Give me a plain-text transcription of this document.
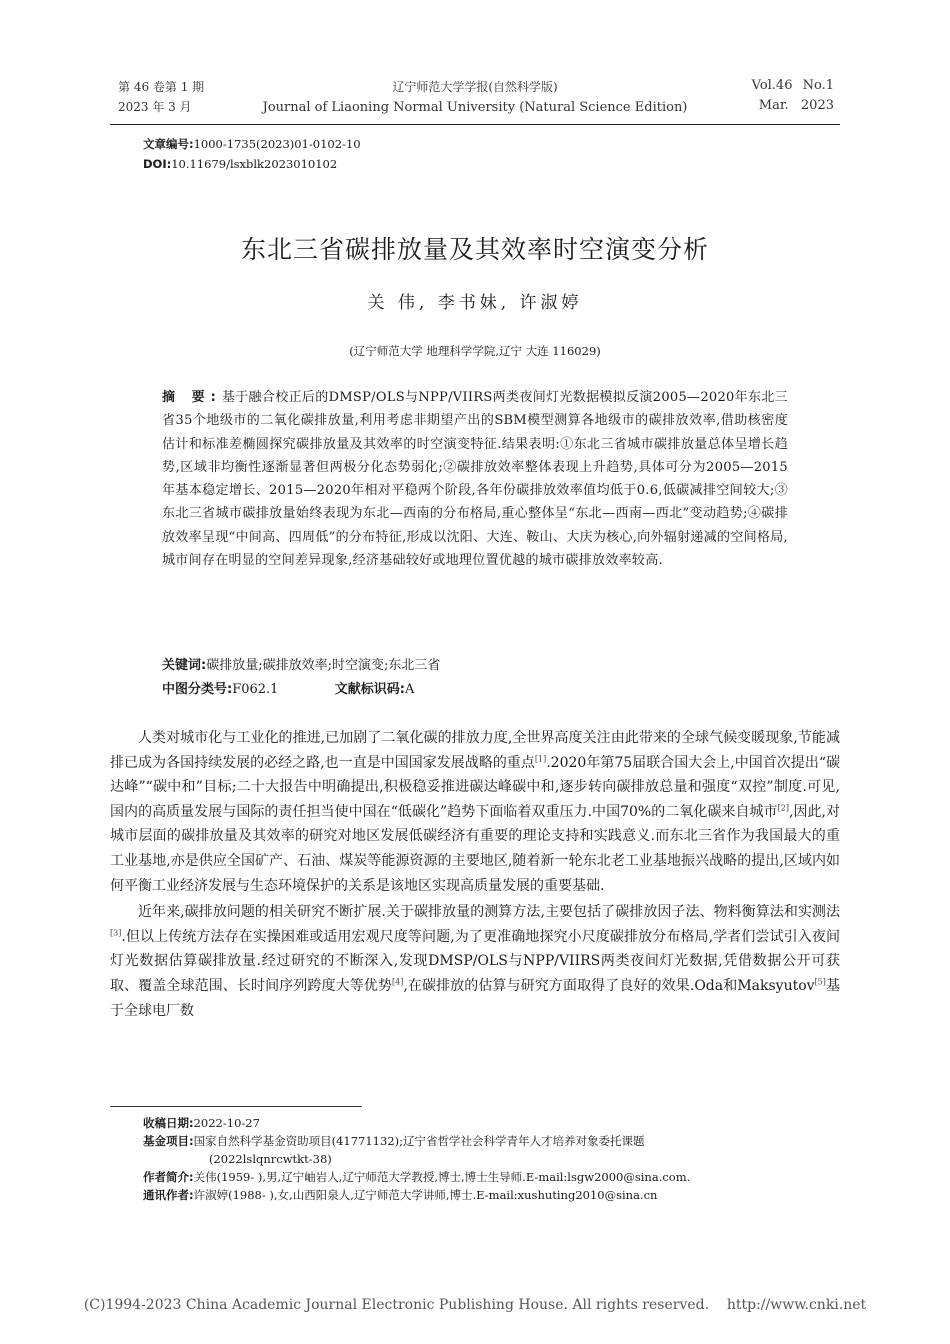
第 46 卷第 1 期
2023 年 3 月
辽宁师范大学学报(自然科学版)
Journal of Liaoning Normal University (Natural Science Edition)
Vol.46 No.1
Mar. 2023
文章编号:1000-1735(2023)01-0102-10
DOI:10.11679/lsxblk2023010102
东北三省碳排放量及其效率时空演变分析
关 伟, 李书妹, 许淑婷
(辽宁师范大学 地理科学学院,辽宁 大连 116029)
摘 要:基于融合校正后的DMSP/OLS与NPP/VIIRS两类夜间灯光数据模拟反演2005—2020年东北三省35个地级市的二氧化碳排放量,利用考虑非期望产出的SBM模型测算各地级市的碳排放效率,借助核密度估计和标准差椭圆探究碳排放量及其效率的时空演变特征.结果表明:①东北三省城市碳排放量总体呈增长趋势,区域非均衡性逐渐显著但两极分化态势弱化;②碳排放效率整体表现上升趋势,具体可分为2005—2015年基本稳定增长、2015—2020年相对平稳两个阶段,各年份碳排放效率值均低于0.6,低碳减排空间较大;③东北三省城市碳排放量始终表现为东北—西南的分布格局,重心整体呈“东北—西南—西北”变动趋势;④碳排放效率呈现“中间高、四周低”的分布特征,形成以沈阳、大连、鞍山、大庆为核心,向外辐射递减的空间格局,城市间存在明显的空间差异现象,经济基础较好或地理位置优越的城市碳排放效率较高.
关键词:碳排放量;碳排放效率;时空演变;东北三省
中图分类号:F062.1	文献标识码:A

人类对城市化与工业化的推进,已加剧了二氧化碳的排放力度,全世界高度关注由此带来的全球气候变暖现象,节能减排已成为各国持续发展的必经之路,也一直是中国国家发展战略的重点[1].2020年第75届联合国大会上,中国首次提出“碳达峰”“碳中和”目标;二十大报告中明确提出,积极稳妥推进碳达峰碳中和,逐步转向碳排放总量和强度“双控”制度.可见,国内的高质量发展与国际的责任担当使中国在“低碳化”趋势下面临着双重压力.中国70%的二氧化碳来自城市[2],因此,对城市层面的碳排放量及其效率的研究对地区发展低碳经济有重要的理论支持和实践意义.而东北三省作为我国最大的重工业基地,亦是供应全国矿产、石油、煤炭等能源资源的主要地区,随着新一轮东北老工业基地振兴战略的提出,区域内如何平衡工业经济发展与生态环境保护的关系是该地区实现高质量发展的重要基础.

近年来,碳排放问题的相关研究不断扩展.关于碳排放量的测算方法,主要包括了碳排放因子法、物料衡算法和实测法[3].但以上传统方法存在实操困难或适用宏观尺度等问题,为了更准确地探究小尺度碳排放分布格局,学者们尝试引入夜间灯光数据估算碳排放量.经过研究的不断深入,发现DMSP/OLS与NPP/VIIRS两类夜间灯光数据,凭借数据公开可获取、覆盖全球范围、长时间序列跨度大等优势[4],在碳排放的估算与研究方面取得了良好的效果.Oda和Maksyutov[5]基于全球电厂数

收稿日期: 2022-10-27
基金项目: 国家自然科学基金资助项目(41771132);辽宁省哲学社会科学青年人才培养对象委托课题
(2022lslqnrcwtkt-38)
作者简介: 关伟(1959- ),男,辽宁岫岩人,辽宁师范大学教授,博士,博士生导师.E-mail:lsgw2000@sina.com.
通讯作者: 许淑婷(1988- ),女,山西阳泉人,辽宁师范大学讲师,博士.E-mail:xushuting2010@sina.cn
(C)1994-2023 China Academic Journal Electronic Publishing House. All rights reserved.    http://www.cnki.net
